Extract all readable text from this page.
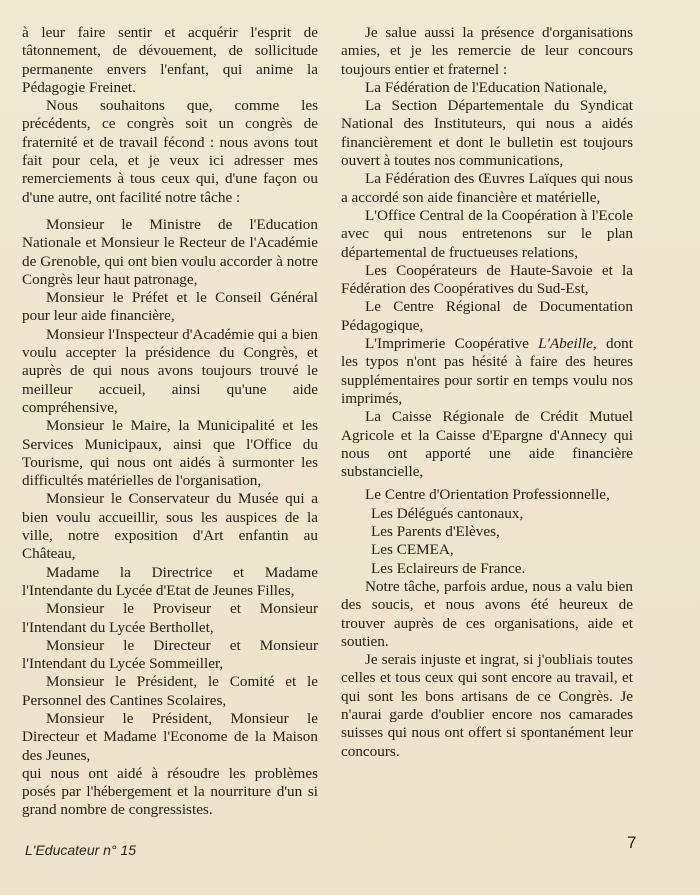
à leur faire sentir et acquérir l'esprit de tâtonnement, de dévouement, de sollicitude permanente envers l'enfant, qui anime la Pédagogie Freinet.

Nous souhaitons que, comme les précédents, ce congrès soit un congrès de fraternité et de travail fécond : nous avons tout fait pour cela, et je veux ici adresser mes remerciements à tous ceux qui, d'une façon ou d'une autre, ont facilité notre tâche :

Monsieur le Ministre de l'Education Nationale et Monsieur le Recteur de l'Académie de Grenoble, qui ont bien voulu accorder à notre Congrès leur haut patronage,

Monsieur le Préfet et le Conseil Général pour leur aide financière,

Monsieur l'Inspecteur d'Académie qui a bien voulu accepter la présidence du Congrès, et auprès de qui nous avons toujours trouvé le meilleur accueil, ainsi qu'une aide compréhensive,

Monsieur le Maire, la Municipalité et les Services Municipaux, ainsi que l'Office du Tourisme, qui nous ont aidés à surmonter les difficultés matérielles de l'organisation,

Monsieur le Conservateur du Musée qui a bien voulu accueillir, sous les auspices de la ville, notre exposition d'Art enfantin au Château,

Madame la Directrice et Madame l'Intendante du Lycée d'Etat de Jeunes Filles,

Monsieur le Proviseur et Monsieur l'Intendant du Lycée Berthollet,

Monsieur le Directeur et Monsieur l'Intendant du Lycée Sommeiller,

Monsieur le Président, le Comité et le Personnel des Cantines Scolaires,

Monsieur le Président, Monsieur le Directeur et Madame l'Econome de la Maison des Jeunes,

qui nous ont aidé à résoudre les problèmes posés par l'hébergement et la nourriture d'un si grand nombre de congressistes.

Je salue aussi la présence d'organisations amies, et je les remercie de leur concours toujours entier et fraternel :

La Fédération de l'Education Nationale,

La Section Départementale du Syndicat National des Instituteurs, qui nous a aidés financièrement et dont le bulletin est toujours ouvert à toutes nos communications,

La Fédération des Œuvres Laïques qui nous a accordé son aide financière et matérielle,

L'Office Central de la Coopération à l'Ecole avec qui nous entretenons sur le plan départemental de fructueuses relations,

Les Coopérateurs de Haute-Savoie et la Fédération des Coopératives du Sud-Est,

Le Centre Régional de Documentation Pédagogique,

L'Imprimerie Coopérative L'Abeille, dont les typos n'ont pas hésité à faire des heures supplémentaires pour sortir en temps voulu nos imprimés,

La Caisse Régionale de Crédit Mutuel Agricole et la Caisse d'Epargne d'Annecy qui nous ont apporté une aide financière substancielle,

Le Centre d'Orientation Professionnelle,

Les Délégués cantonaux,

Les Parents d'Elèves,

Les CEMEA,

Les Eclaireurs de France.

Notre tâche, parfois ardue, nous a valu bien des soucis, et nous avons été heureux de trouver auprès de ces organisations, aide et soutien.

Je serais injuste et ingrat, si j'oubliais toutes celles et tous ceux qui sont encore au travail, et qui sont les bons artisans de ce Congrès. Je n'aurai garde d'oublier encore nos camarades suisses qui nous ont offert si spontanément leur concours.

L'Educateur n° 15	7
